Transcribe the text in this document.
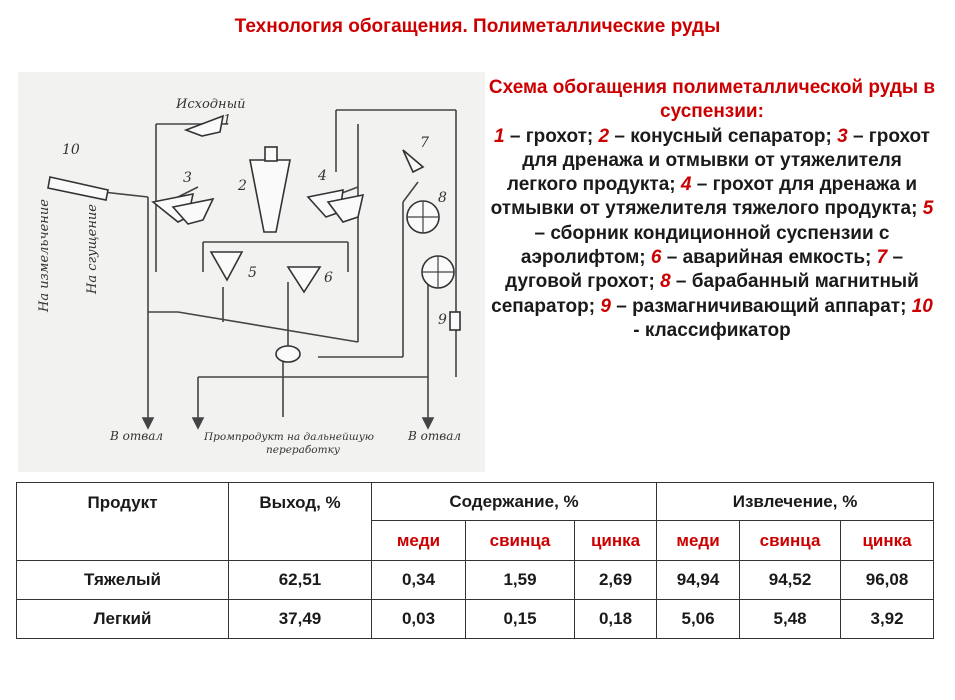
Технология обогащения. Полиметаллические руды
Исходный
1
2
3	4
5	6
7
8
9
10
На измельчение	На сгущение
В отвал	Промпродукт на дальнейшую
переработку
В отвал
Схема обогащения полиметаллической руды в суспензии:
1 – грохот; 2 – конусный сепаратор; 3 – грохот для дренажа и отмывки от утяжелителя легкого продукта; 4 – грохот для дренажа и отмывки от утяжелителя тяжелого продукта; 5 – сборник кондиционной суспензии с аэролифтом; 6 – аварийная емкость; 7 – дуговой грохот; 8 – барабанный магнитный сепаратор; 9 – размагничивающий аппарат; 10 - классификатор
Продукт	Выход, %	Содержание, %			Извлечение, %		
		меди	свинца	цинка	меди	свинца	цинка
Тяжелый	62,51	0,34	1,59	2,69	94,94	94,52	96,08
Легкий	37,49	0,03	0,15	0,18	5,06	5,48	3,92
